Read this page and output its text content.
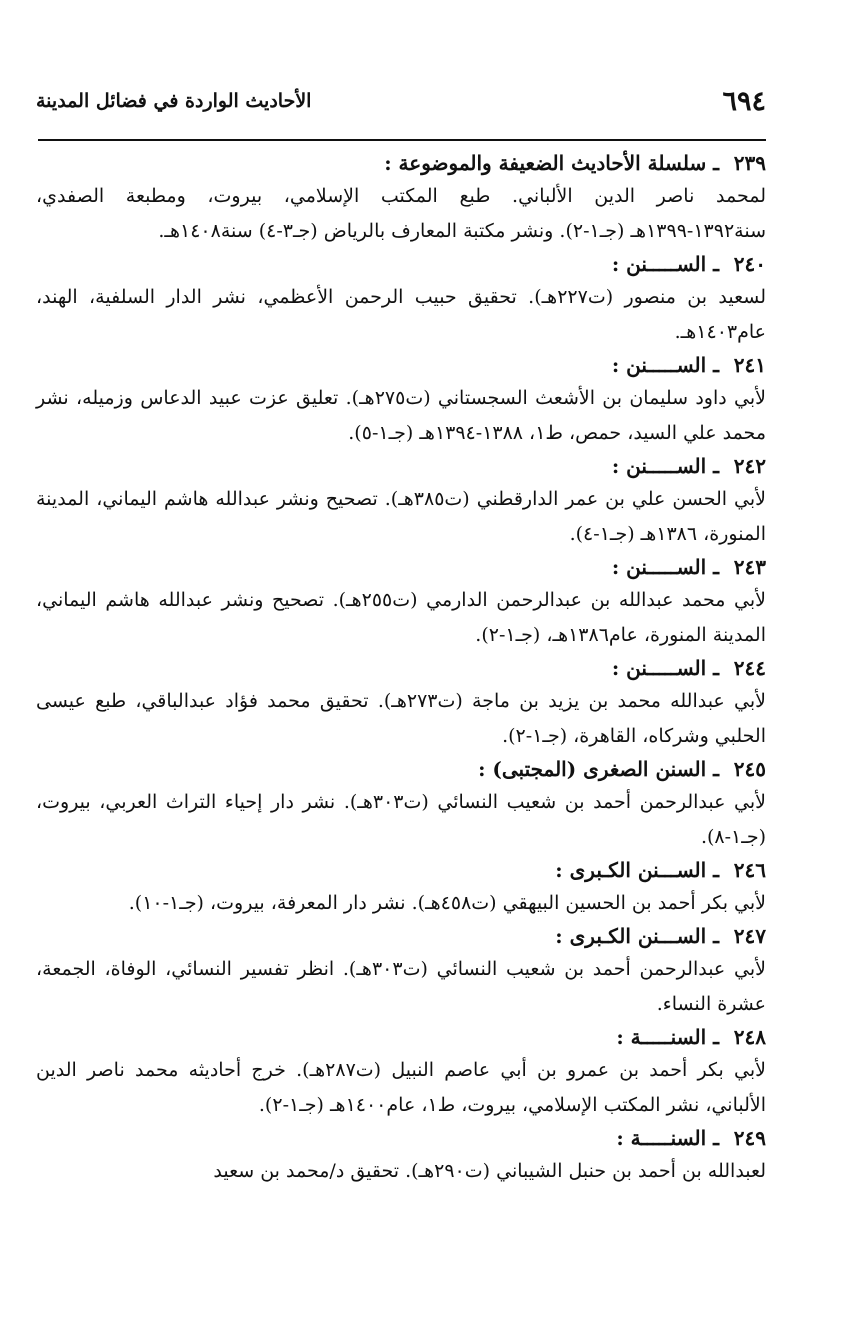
٦٩٤
الأحاديث الواردة في فضائل المدينة
٢٣٩ ـ سلسلة الأحاديث الضعيفة والموضوعة :
لمحمد ناصر الدين الألباني. طبع المكتب الإسلامي، بيروت، ومطبعة الصفدي، سنة١٣٩٢-١٣٩٩هـ (جـ١-٢). ونشر مكتبة المعارف بالرياض (جـ٣-٤) سنة١٤٠٨هـ.
٢٤٠ ـ الســـــنن :
لسعيد بن منصور (ت٢٢٧هـ). تحقيق حبيب الرحمن الأعظمي، نشر الدار السلفية، الهند، عام١٤٠٣هـ.
٢٤١ ـ الســـــنن :
لأبي داود سليمان بن الأشعث السجستاني (ت٢٧٥هـ). تعليق عزت عبيد الدعاس وزميله، نشر محمد علي السيد، حمص، ط١، ١٣٨٨-١٣٩٤هـ (جـ١-٥).
٢٤٢ ـ الســـــنن :
لأبي الحسن علي بن عمر الدارقطني (ت٣٨٥هـ). تصحيح ونشر عبدالله هاشم اليماني، المدينة المنورة، ١٣٨٦هـ (جـ١-٤).
٢٤٣ ـ الســـــنن :
لأبي محمد عبدالله بن عبدالرحمن الدارمي (ت٢٥٥هـ). تصحيح ونشر عبدالله هاشم اليماني، المدينة المنورة، عام١٣٨٦هـ، (جـ١-٢).
٢٤٤ ـ الســـــنن :
لأبي عبدالله محمد بن يزيد بن ماجة (ت٢٧٣هـ). تحقيق محمد فؤاد عبدالباقي، طبع عيسى الحلبي وشركاه، القاهرة، (جـ١-٢).
٢٤٥ ـ السنن الصغرى (المجتبى) :
لأبي عبدالرحمن أحمد بن شعيب النسائي (ت٣٠٣هـ). نشر دار إحياء التراث العربي، بيروت، (جـ١-٨).
٢٤٦ ـ الســـنن الكـبرى :
لأبي بكر أحمد بن الحسين البيهقي (ت٤٥٨هـ). نشر دار المعرفة، بيروت، (جـ١-١٠).
٢٤٧ ـ الســـنن الكـبرى :
لأبي عبدالرحمن أحمد بن شعيب النسائي (ت٣٠٣هـ). انظر تفسير النسائي، الوفاة، الجمعة، عشرة النساء.
٢٤٨ ـ السنـــــة :
لأبي بكر أحمد بن عمرو بن أبي عاصم النبيل (ت٢٨٧هـ). خرج أحاديثه محمد ناصر الدين الألباني، نشر المكتب الإسلامي، بيروت، ط١، عام١٤٠٠هـ (جـ١-٢).
٢٤٩ ـ السنـــــة :
لعبدالله بن أحمد بن حنبل الشيباني (ت٢٩٠هـ). تحقيق د/محمد بن سعيد
